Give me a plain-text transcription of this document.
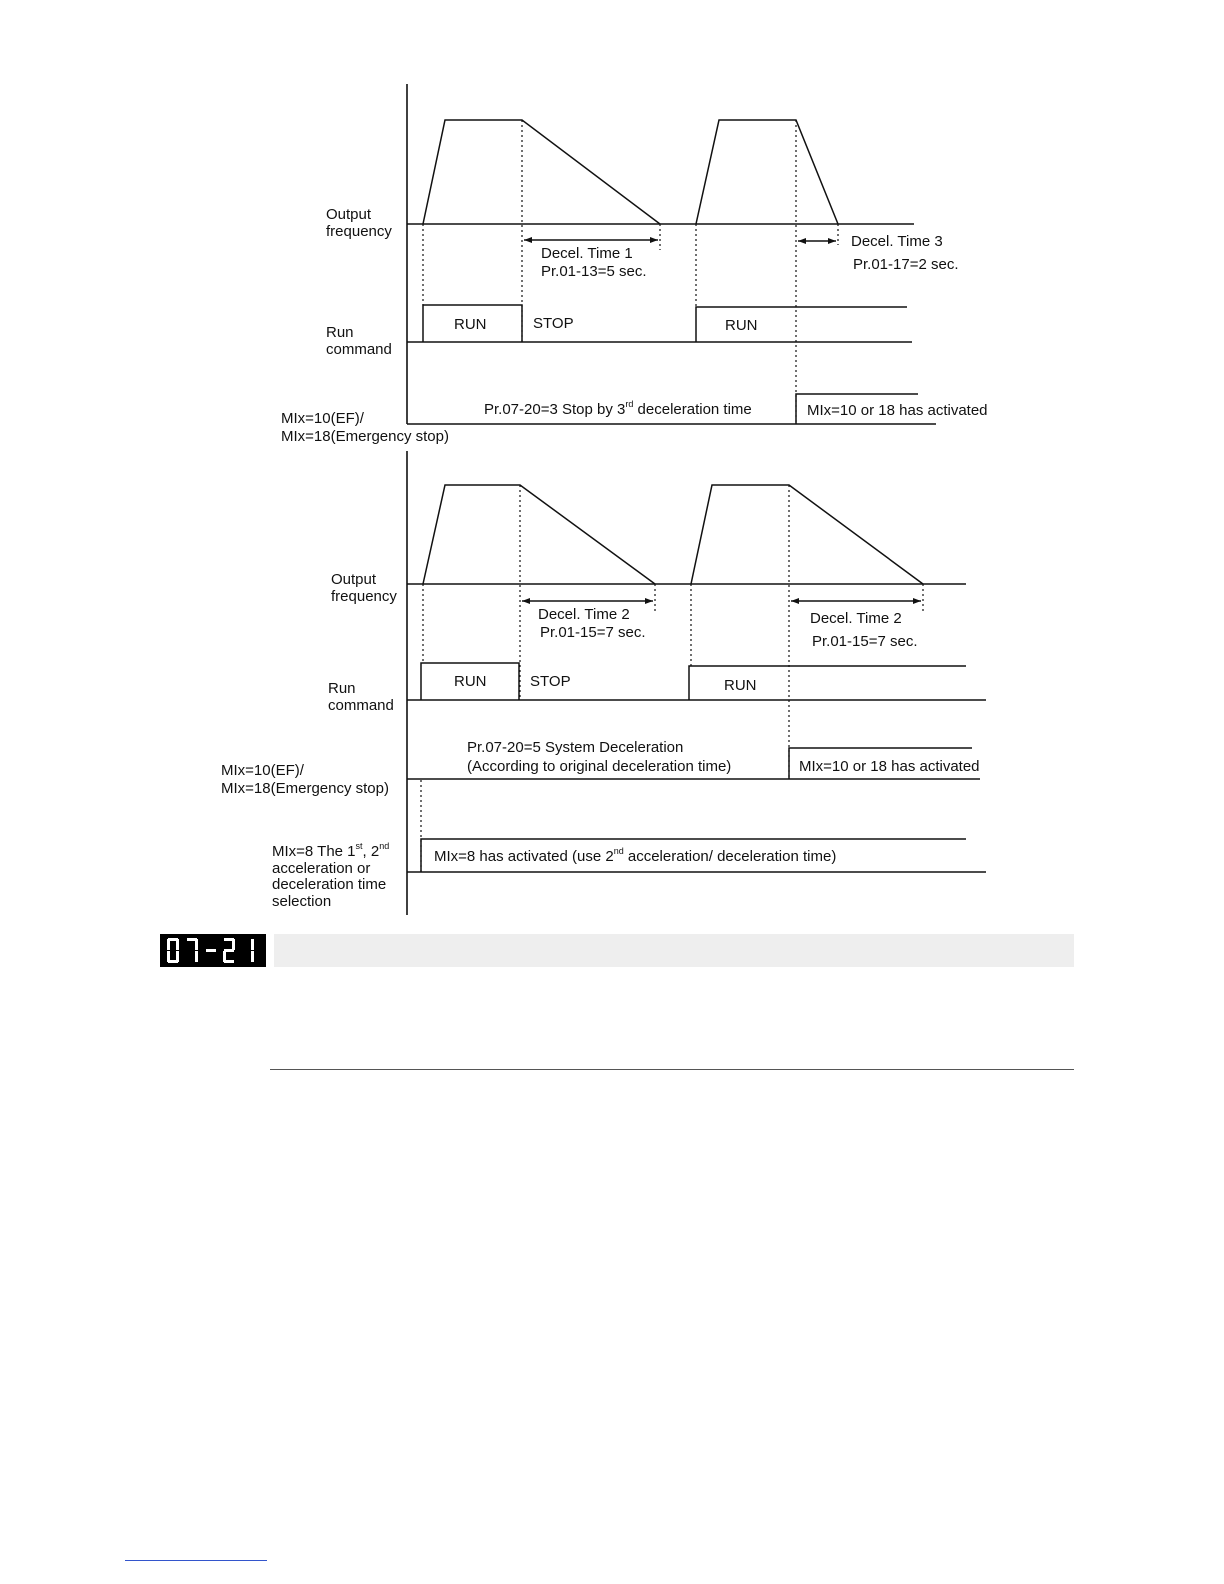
Output
frequency
Decel. Time 1
Pr.01-13=5 sec.
Decel. Time 3
Pr.01-17=2 sec.
Run
command
RUN	STOP	RUN
Pr.07-20=3 Stop by 3rd deceleration time	MIx=10 or 18 has activated
MIx=10(EF)/
MIx=18(Emergency stop)
Output
frequency
Decel. Time 2
Pr.01-15=7 sec.
Decel. Time 2
Pr.01-15=7 sec.
Run
command
RUN	STOP	RUN
Pr.07-20=5 System Deceleration
(According to original deceleration time)	MIx=10 or 18 has activated
MIx=10(EF)/
MIx=18(Emergency stop)
MIx=8 The 1st, 2nd
acceleration or
deceleration time
selection
MIx=8 has activated (use 2nd acceleration/ deceleration time)
